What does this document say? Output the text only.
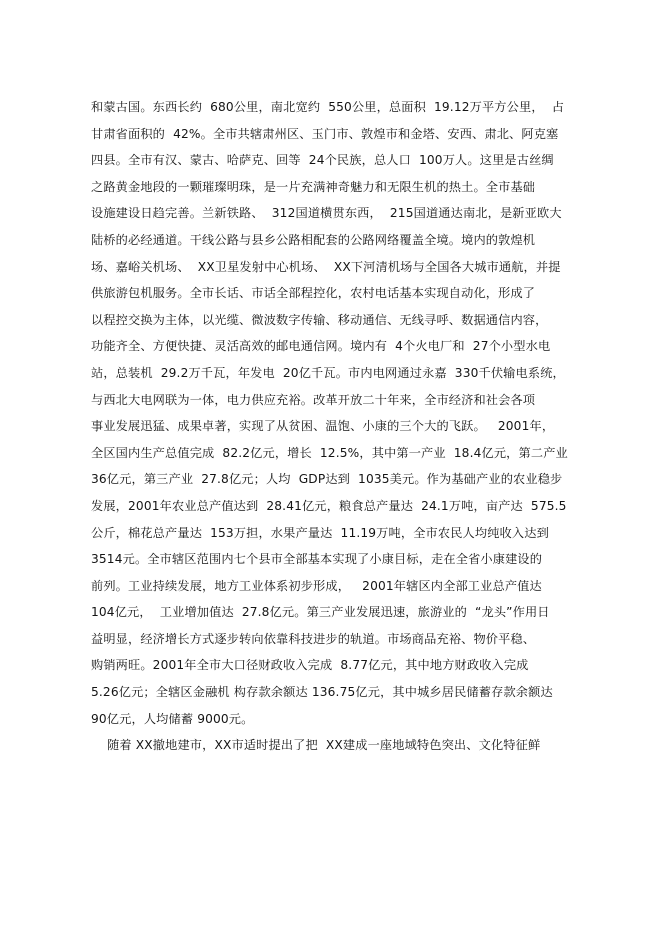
和蒙古国。东西长约  680公里，南北宽约  550公里，总面积  19.12万平方公里，  占
甘肃省面积的  42%。全市共辖肃州区、玉门市、敦煌市和金塔、安西、肃北、阿克塞
四县。全市有汉、蒙古、哈萨克、回等  24个民族，总人口  100万人。这里是古丝绸
之路黄金地段的一颗璀璨明珠，是一片充满神奇魅力和无限生机的热土。全市基础
设施建设日趋完善。兰新铁路、  312国道横贯东西，  215国道通达南北，是新亚欧大
陆桥的必经通道。干线公路与县乡公路相配套的公路网络覆盖全境。境内的敦煌机
场、嘉峪关机场、  XX卫星发射中心机场、  XX下河清机场与全国各大城市通航，并提
供旅游包机服务。全市长话、市话全部程控化，农村电话基本实现自动化，形成了
以程控交换为主体，以光缆、微波数字传输、移动通信、无线寻呼、数据通信内容，
功能齐全、方便快捷、灵活高效的邮电通信网。境内有  4个火电厂和  27个小型水电
站，总装机  29.2万千瓦，年发电  20亿千瓦。市内电网通过永嘉  330千伏输电系统，
与西北大电网联为一体，电力供应充裕。改革开放二十年来，全市经济和社会各项
事业发展迅猛、成果卓著，实现了从贫困、温饱、小康的三个大的飞跃。   2001年，
全区国内生产总值完成  82.2亿元，增长  12.5%，其中第一产业  18.4亿元，第二产业
36亿元，第三产业  27.8亿元；人均  GDP达到  1035美元。作为基础产业的农业稳步
发展，2001年农业总产值达到  28.41亿元，粮食总产量达  24.1万吨，亩产达  575.5
公斤，棉花总产量达  153万担，水果产量达  11.19万吨，全市农民人均纯收入达到
3514元。全市辖区范围内七个县市全部基本实现了小康目标，走在全省小康建设的
前列。工业持续发展，地方工业体系初步形成，   2001年辖区内全部工业总产值达
104亿元，  工业增加值达  27.8亿元。第三产业发展迅速，旅游业的  “龙头”作用日
益明显，经济增长方式逐步转向依靠科技进步的轨道。市场商品充裕、物价平稳、
购销两旺。2001年全市大口径财政收入完成  8.77亿元，其中地方财政收入完成
5.26亿元；全辖区金融机 构存款余额达 136.75亿元，其中城乡居民储蓄存款余额达
90亿元，人均储蓄 9000元。
随着 XX撤地建市，XX市适时提出了把  XX建成一座地域特色突出、文化特征鲜
